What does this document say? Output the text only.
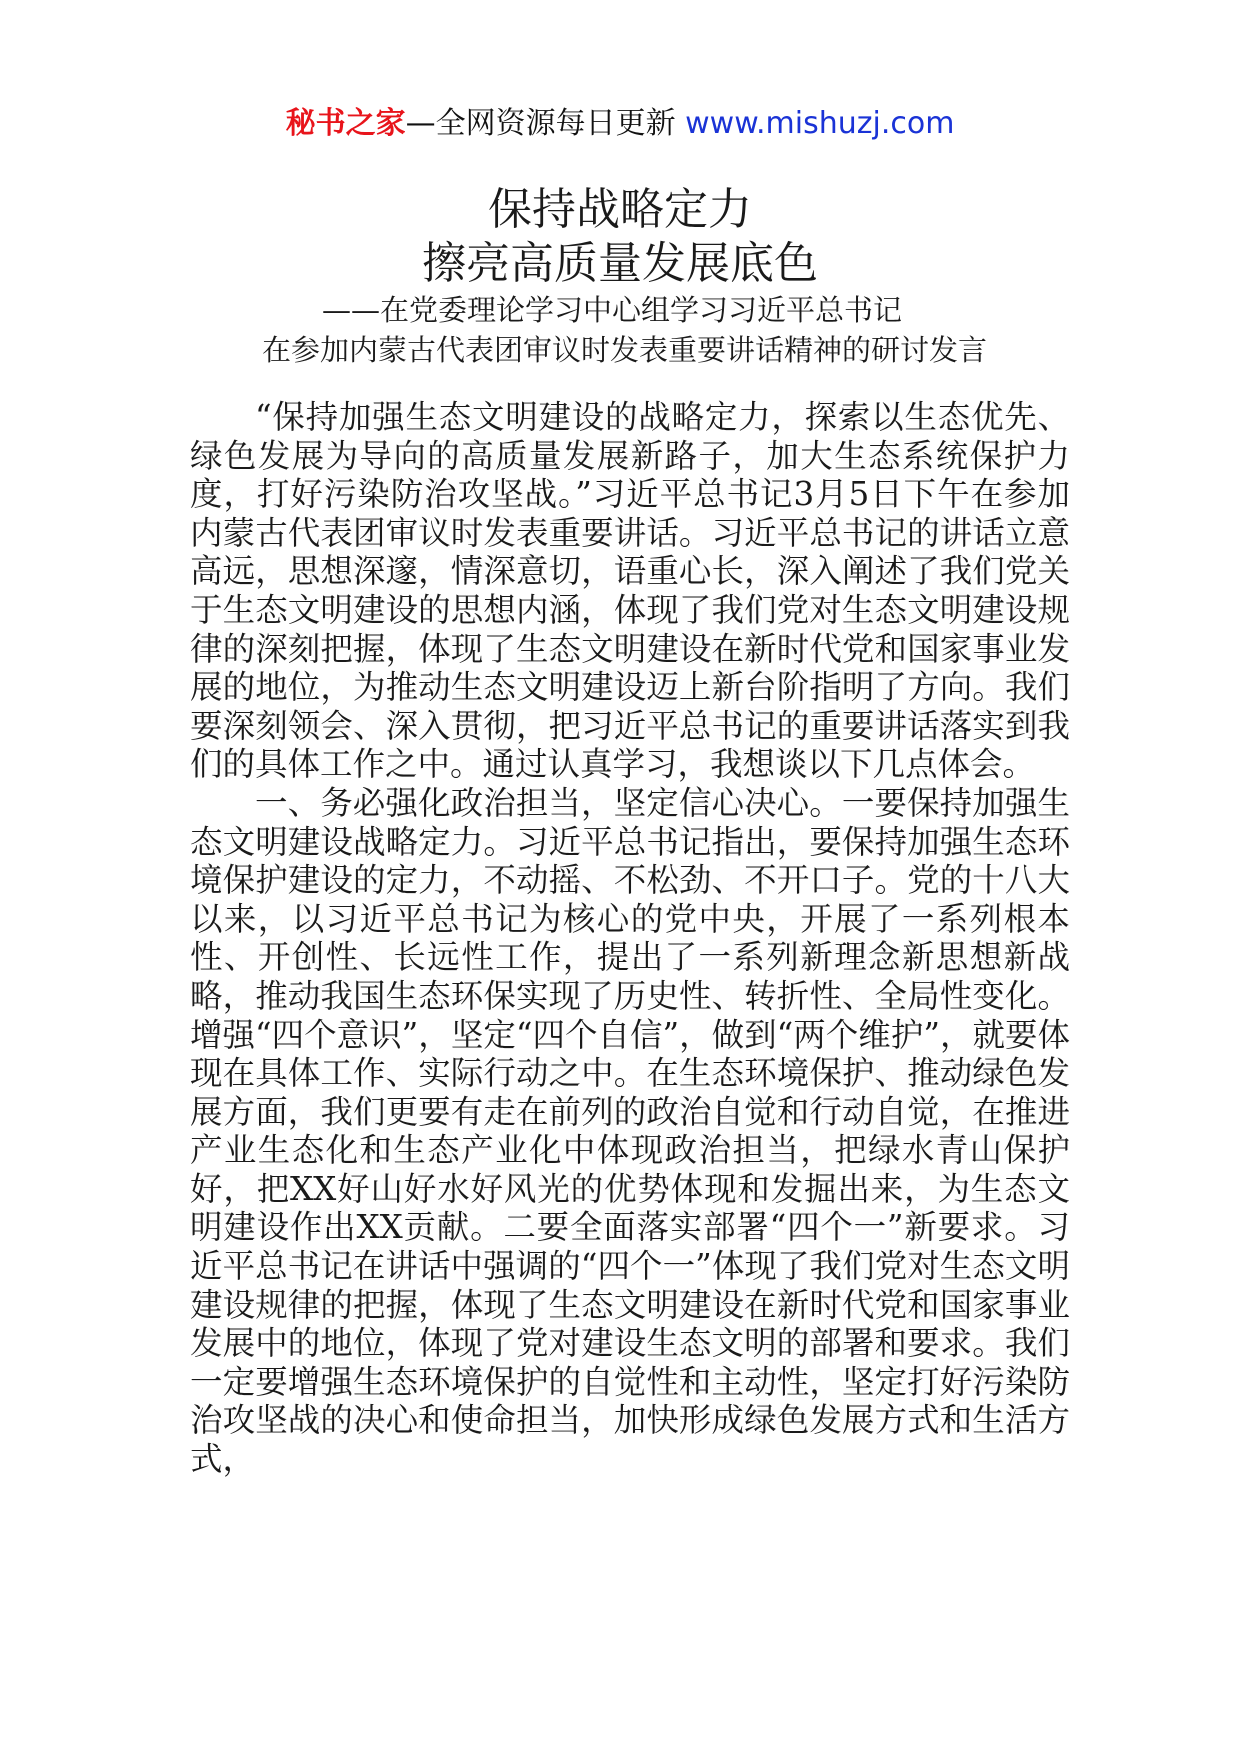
秘书之家—全网资源每日更新 www.mishuzj.com
保持战略定力
擦亮高质量发展底色
——在党委理论学习中心组学习习近平总书记
在参加内蒙古代表团审议时发表重要讲话精神的研讨发言

“保持加强生态文明建设的战略定力，探索以生态优先、绿色发展为导向的高质量发展新路子，加大生态系统保护力度，打好污染防治攻坚战。”习近平总书记3月5日下午在参加内蒙古代表团审议时发表重要讲话。习近平总书记的讲话立意高远，思想深邃，情深意切，语重心长，深入阐述了我们党关于生态文明建设的思想内涵，体现了我们党对生态文明建设规律的深刻把握，体现了生态文明建设在新时代党和国家事业发展的地位，为推动生态文明建设迈上新台阶指明了方向。我们要深刻领会、深入贯彻，把习近平总书记的重要讲话落实到我们的具体工作之中。通过认真学习，我想谈以下几点体会。

一、务必强化政治担当，坚定信心决心。一要保持加强生态文明建设战略定力。习近平总书记指出，要保持加强生态环境保护建设的定力，不动摇、不松劲、不开口子。党的十八大以来，以习近平总书记为核心的党中央，开展了一系列根本性、开创性、长远性工作，提出了一系列新理念新思想新战略，推动我国生态环保实现了历史性、转折性、全局性变化。增强“四个意识”，坚定“四个自信”，做到“两个维护”，就要体现在具体工作、实际行动之中。在生态环境保护、推动绿色发展方面，我们更要有走在前列的政治自觉和行动自觉，在推进产业生态化和生态产业化中体现政治担当，把绿水青山保护好，把XX好山好水好风光的优势体现和发掘出来，为生态文明建设作出XX贡献。二要全面落实部署“四个一”新要求。习近平总书记在讲话中强调的“四个一”体现了我们党对生态文明建设规律的把握，体现了生态文明建设在新时代党和国家事业发展中的地位，体现了党对建设生态文明的部署和要求。我们一定要增强生态环境保护的自觉性和主动性，坚定打好污染防治攻坚战的决心和使命担当，加快形成绿色发展方式和生活方式，
